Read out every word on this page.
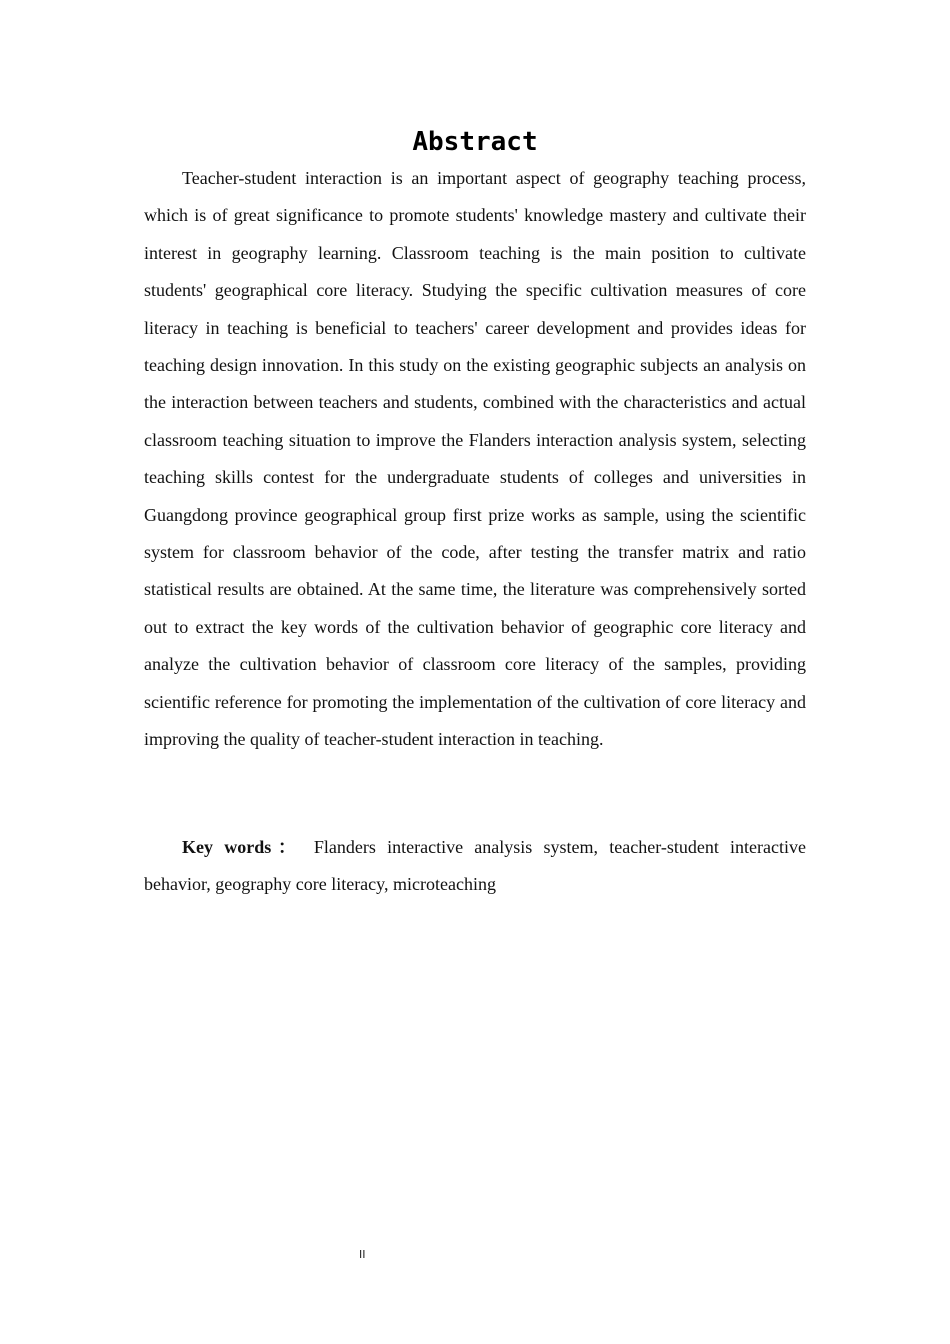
Abstract

Teacher-student interaction is an important aspect of geography teaching process, which is of great significance to promote students' knowledge mastery and cultivate their interest in geography learning. Classroom teaching is the main position to cultivate students' geographical core literacy. Studying the specific cultivation measures of core literacy in teaching is beneficial to teachers' career development and provides ideas for teaching design innovation. In this study on the existing geographic subjects an analysis on the interaction between teachers and students, combined with the characteristics and actual classroom teaching situation to improve the Flanders interaction analysis system, selecting teaching skills contest for the undergraduate students of colleges and universities in Guangdong province geographical group first prize works as sample, using the scientific system for classroom behavior of the code, after testing the transfer matrix and ratio statistical results are obtained. At the same time, the literature was comprehensively sorted out to extract the key words of the cultivation behavior of geographic core literacy and analyze the cultivation behavior of classroom core literacy of the samples, providing scientific reference for promoting the implementation of the cultivation of core literacy and improving the quality of teacher-student interaction in teaching.

Key words： Flanders interactive analysis system, teacher-student interactive behavior, geography core literacy, microteaching

II
